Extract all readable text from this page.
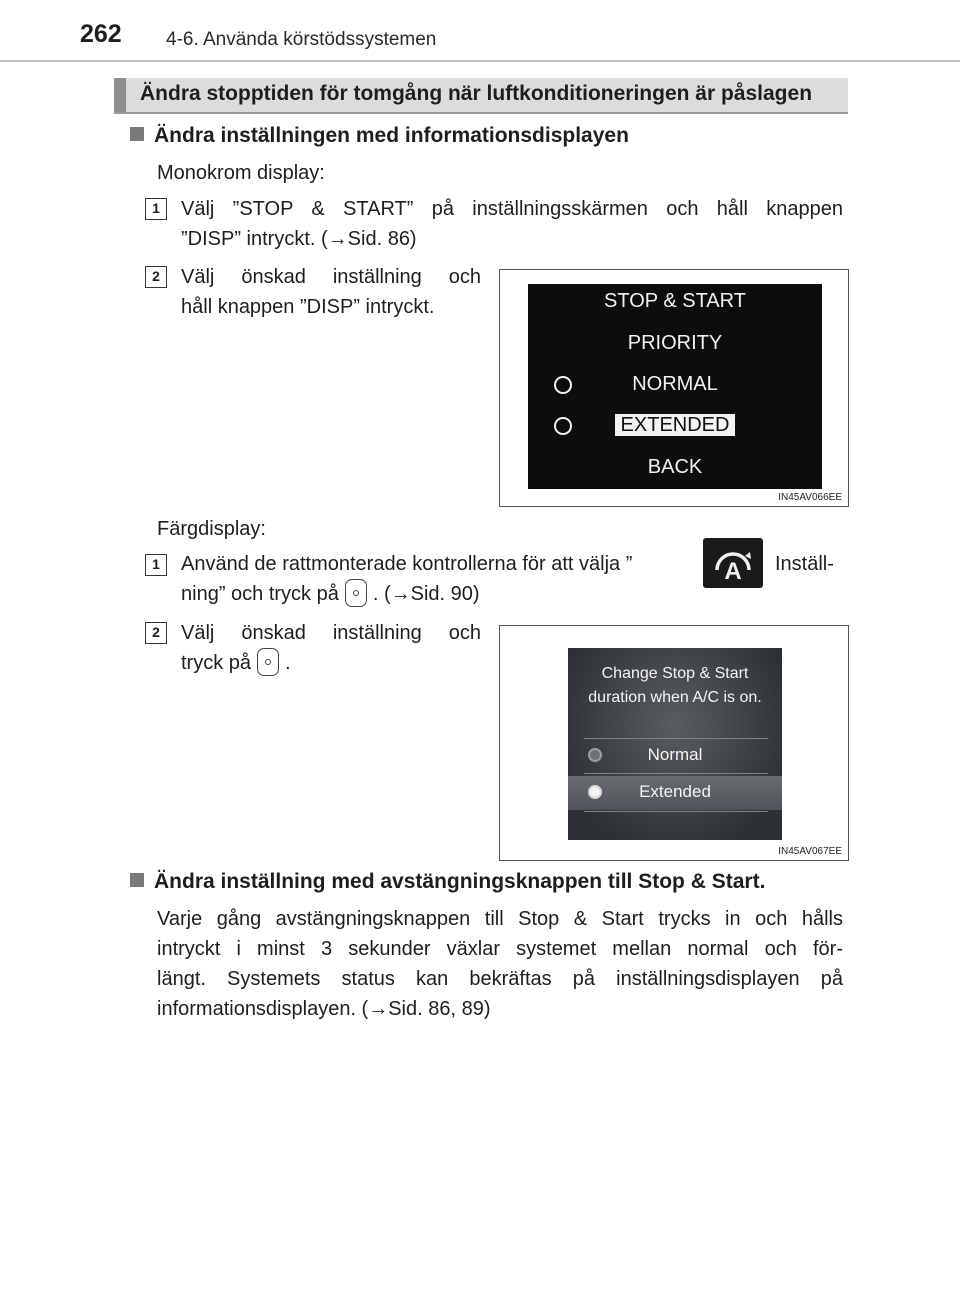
262 4-6. Använda körstödssystemen
Ändra stopptiden för tomgång när luftkonditioneringen är påslagen
Ändra inställningen med informationsdisplayen
Monokrom display:
1	Välj ”STOP & START” på inställningsskärmen och håll knappen
”DISP” intryckt. (→Sid. 86)
2	Välj önskad inställning och
håll knappen ”DISP” intryckt.	STOP & START
PRIORITY
NORMAL
EXTENDED
BACK
IN45AV066EE
Färgdisplay:
1	Använd de rattmonterade kontrollerna för att välja ”	A Inställ-
ning” och tryck på . (→Sid. 90)
2	Välj önskad inställning och
tryck på .	Change Stop & Start
duration when A/C is on.
Normal
Extended
IN45AV067EE
Ändra inställning med avstängningsknappen till Stop & Start.
Varje gång avstängningsknappen till Stop & Start trycks in och hålls
intryckt i minst 3 sekunder växlar systemet mellan normal och för-
längt. Systemets status kan bekräftas på inställningsdisplayen på
informationsdisplayen. (→Sid. 86, 89)
